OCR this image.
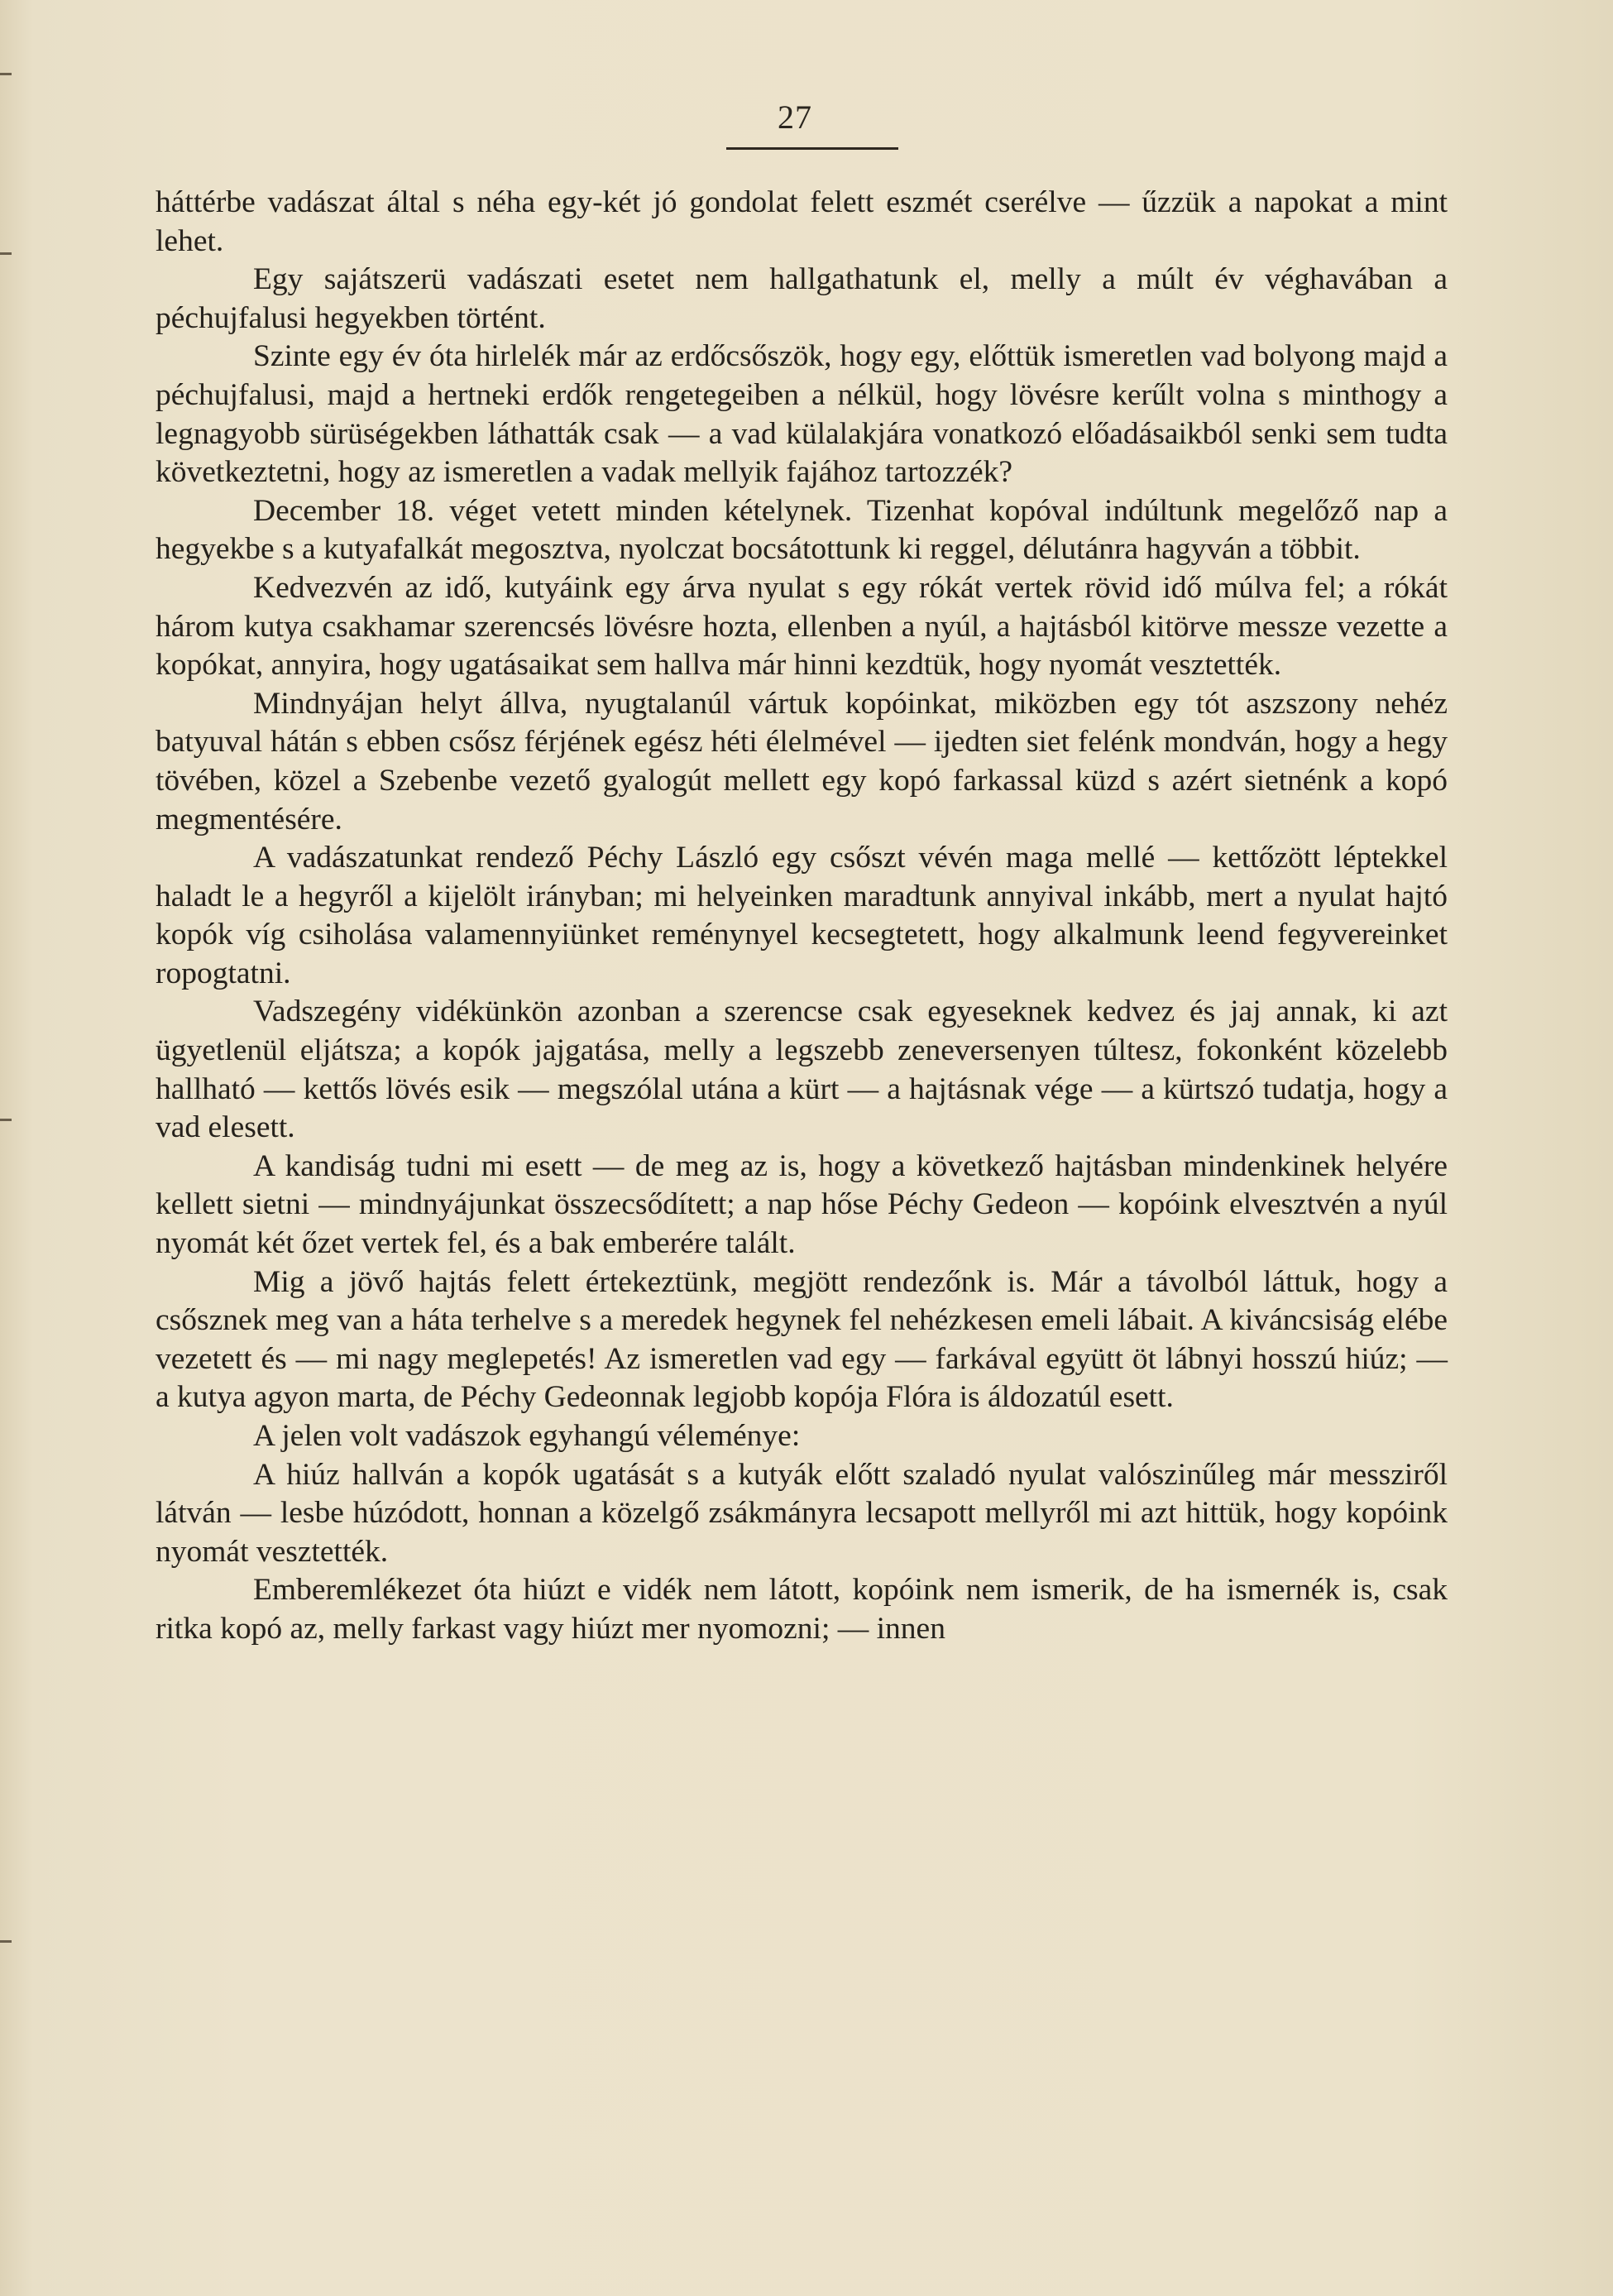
27

háttérbe vadászat által s néha egy-két jó gondolat felett eszmét cserélve — űzzük a napokat a mint lehet.

Egy sajátszerü vadászati esetet nem hallgathatunk el, melly a múlt év véghavában a péchujfalusi hegyekben történt.

Szinte egy év óta hirlelék már az erdőcsőszök, hogy egy, előttük ismeretlen vad bolyong majd a péchujfalusi, majd a hertneki erdők rengetegeiben a nélkül, hogy lövésre kerűlt volna s minthogy a legnagyobb sürüségekben láthatták csak — a vad külalakjára vonatkozó előadásaikból senki sem tudta következtetni, hogy az ismeretlen a vadak mellyik fajához tartozzék?

December 18. véget vetett minden kételynek. Tizenhat kopóval indúltunk megelőző nap a hegyekbe s a kutyafalkát megosztva, nyolczat bocsátottunk ki reggel, délutánra hagyván a többit.

Kedvezvén az idő, kutyáink egy árva nyulat s egy rókát vertek rövid idő múlva fel; a rókát három kutya csakhamar szerencsés lövésre hozta, ellenben a nyúl, a hajtásból kitörve messze vezette a kopókat, annyira, hogy ugatásaikat sem hallva már hinni kezdtük, hogy nyomát vesztették.

Mindnyájan helyt állva, nyugtalanúl vártuk kopóinkat, miközben egy tót aszszony nehéz batyuval hátán s ebben csősz férjének egész héti élelmével — ijedten siet felénk mondván, hogy a hegy tövében, közel a Szebenbe vezető gyalogút mellett egy kopó farkassal küzd s azért sietnénk a kopó megmentésére.

A vadászatunkat rendező Péchy László egy csőszt vévén maga mellé — kettőzött léptekkel haladt le a hegyről a kijelölt irányban; mi helyeinken maradtunk annyival inkább, mert a nyulat hajtó kopók víg csiholása valamennyiünket reménynyel kecsegtetett, hogy alkalmunk leend fegyvereinket ropogtatni.

Vadszegény vidékünkön azonban a szerencse csak egyeseknek kedvez és jaj annak, ki azt ügyetlenül eljátsza; a kopók jajgatása, melly a legszebb zeneversenyen túltesz, fokonként közelebb hallható — kettős lövés esik — megszólal utána a kürt — a hajtásnak vége — a kürtszó tudatja, hogy a vad elesett.

A kandiság tudni mi esett — de meg az is, hogy a következő hajtásban mindenkinek helyére kellett sietni — mindnyájunkat összecsődített; a nap hőse Péchy Gedeon — kopóink elvesztvén a nyúl nyomát két őzet vertek fel, és a bak emberére talált.

Mig a jövő hajtás felett értekeztünk, megjött rendezőnk is. Már a távolból láttuk, hogy a csősznek meg van a háta terhelve s a meredek hegynek fel nehézkesen emeli lábait. A kiváncsiság elébe vezetett és — mi nagy meglepetés! Az ismeretlen vad egy — farkával együtt öt lábnyi hosszú hiúz; — a kutya agyon marta, de Péchy Gedeonnak legjobb kopója Flóra is áldozatúl esett.

A jelen volt vadászok egyhangú véleménye:

A hiúz hallván a kopók ugatását s a kutyák előtt szaladó nyulat valószinűleg már messziről látván — lesbe húzódott, honnan a közelgő zsákmányra lecsapott mellyről mi azt hittük, hogy kopóink nyomát vesztették.

Emberemlékezet óta hiúzt e vidék nem látott, kopóink nem ismerik, de ha ismernék is, csak ritka kopó az, melly farkast vagy hiúzt mer nyomozni; — innen
